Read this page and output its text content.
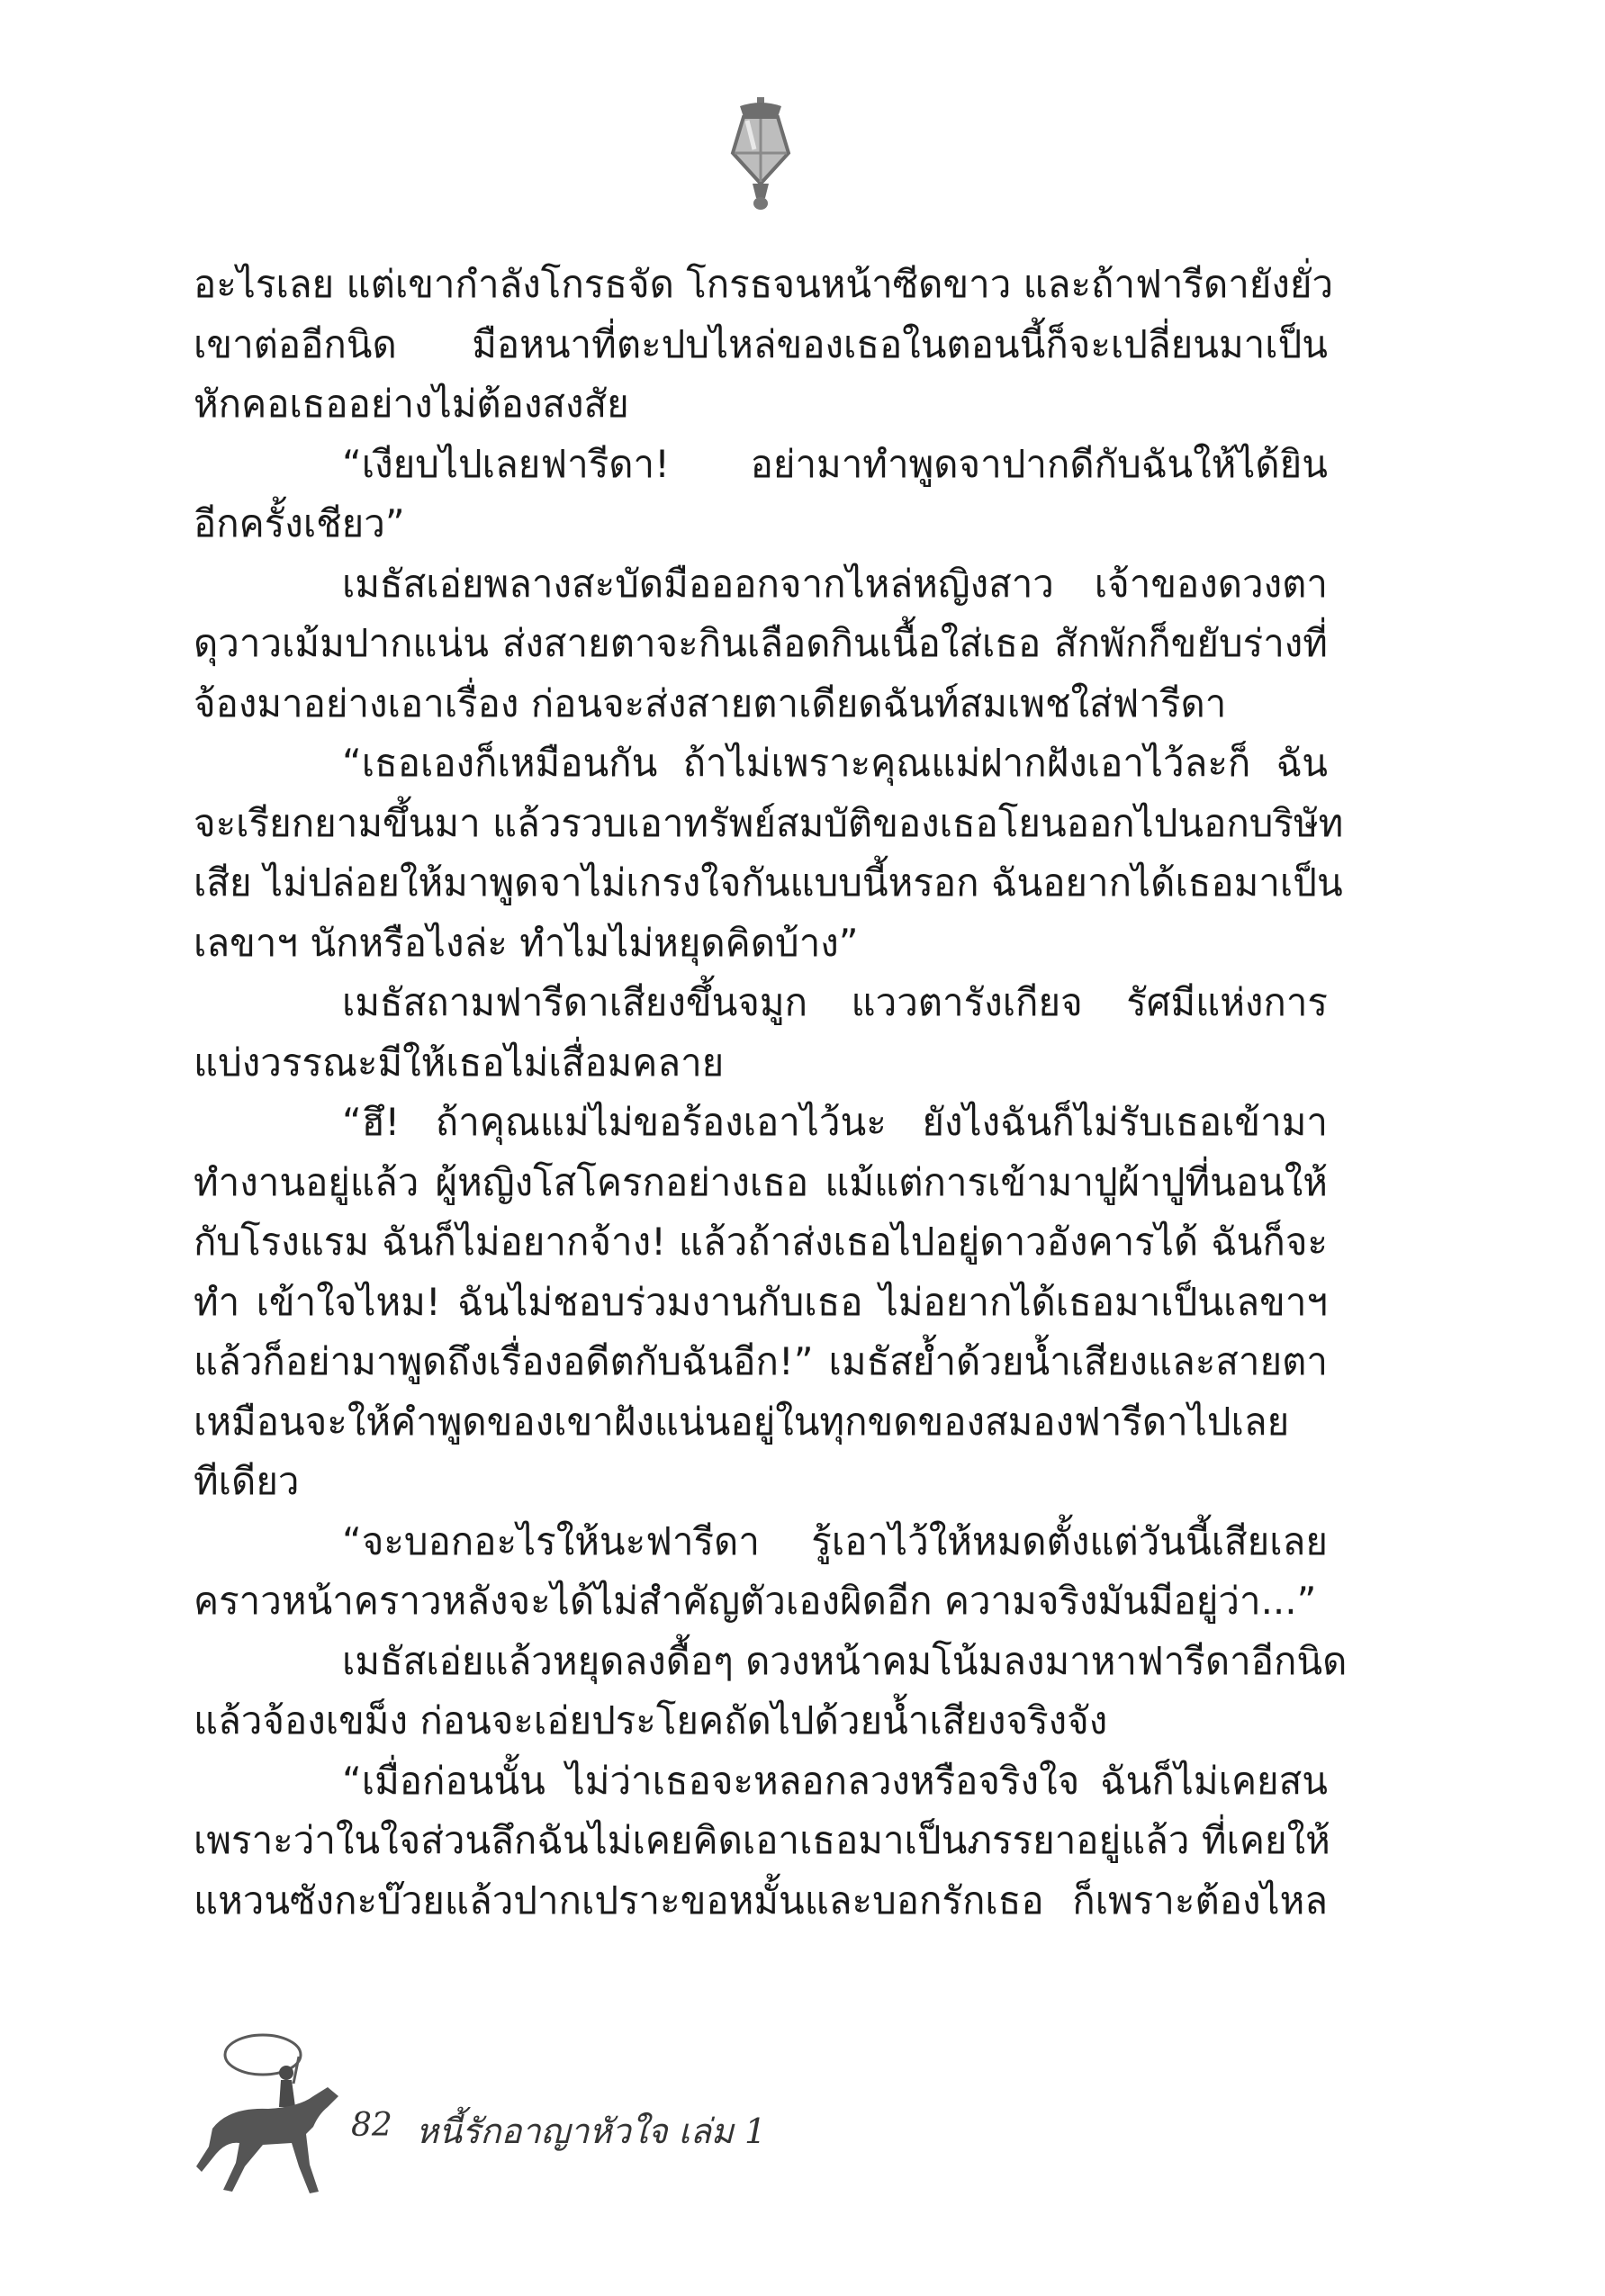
อะไรเลย แต่เขากำลังโกรธจัด โกรธจนหน้าซีดขาว และถ้าฟารีดายังยั่ว
เขาต่ออีกนิด มือหนาที่ตะปบไหล่ของเธอในตอนนี้ก็จะเปลี่ยนมาเป็น
หักคอเธออย่างไม่ต้องสงสัย
“เงียบไปเลยฟารีดา! อย่ามาทำพูดจาปากดีกับฉันให้ได้ยิน
อีกครั้งเชียว”
เมธัสเอ่ยพลางสะบัดมือออกจากไหล่หญิงสาว เจ้าของดวงตา
ดุวาวเม้มปากแน่น ส่งสายตาจะกินเลือดกินเนื้อใส่เธอ สักพักก็ขยับร่างที่
จ้องมาอย่างเอาเรื่อง ก่อนจะส่งสายตาเดียดฉันท์สมเพชใส่ฟารีดา
“เธอเองก็เหมือนกัน ถ้าไม่เพราะคุณแม่ฝากฝังเอาไว้ละก็ ฉัน
จะเรียกยามขึ้นมา แล้วรวบเอาทรัพย์สมบัติของเธอโยนออกไปนอกบริษัท
เสีย ไม่ปล่อยให้มาพูดจาไม่เกรงใจกันแบบนี้หรอก ฉันอยากได้เธอมาเป็น
เลขาฯ นักหรือไงล่ะ ทำไมไม่หยุดคิดบ้าง”
เมธัสถามฟารีดาเสียงขึ้นจมูก แววตารังเกียจ รัศมีแห่งการ
แบ่งวรรณะมีให้เธอไม่เสื่อมคลาย
“ฮึ! ถ้าคุณแม่ไม่ขอร้องเอาไว้นะ ยังไงฉันก็ไม่รับเธอเข้ามา
ทำงานอยู่แล้ว ผู้หญิงโสโครกอย่างเธอ แม้แต่การเข้ามาปูผ้าปูที่นอนให้
กับโรงแรม ฉันก็ไม่อยากจ้าง! แล้วถ้าส่งเธอไปอยู่ดาวอังคารได้ ฉันก็จะ
ทำ เข้าใจไหม! ฉันไม่ชอบร่วมงานกับเธอ ไม่อยากได้เธอมาเป็นเลขาฯ
แล้วก็อย่ามาพูดถึงเรื่องอดีตกับฉันอีก!” เมธัสย้ำด้วยน้ำเสียงและสายตา
เหมือนจะให้คำพูดของเขาฝังแน่นอยู่ในทุกขดของสมองฟารีดาไปเลย
ทีเดียว
“จะบอกอะไรให้นะฟารีดา รู้เอาไว้ให้หมดตั้งแต่วันนี้เสียเลย
คราวหน้าคราวหลังจะได้ไม่สำคัญตัวเองผิดอีก ความจริงมันมีอยู่ว่า...”
เมธัสเอ่ยแล้วหยุดลงดื้อๆ ดวงหน้าคมโน้มลงมาหาฟารีดาอีกนิด
แล้วจ้องเขม็ง ก่อนจะเอ่ยประโยคถัดไปด้วยน้ำเสียงจริงจัง
“เมื่อก่อนนั้น ไม่ว่าเธอจะหลอกลวงหรือจริงใจ ฉันก็ไม่เคยสน
เพราะว่าในใจส่วนลึกฉันไม่เคยคิดเอาเธอมาเป็นภรรยาอยู่แล้ว ที่เคยให้
แหวนซังกะบ๊วยแล้วปากเปราะขอหมั้นและบอกรักเธอ ก็เพราะต้องไหล
82 หนี้รักอาญาหัวใจ เล่ม 1
